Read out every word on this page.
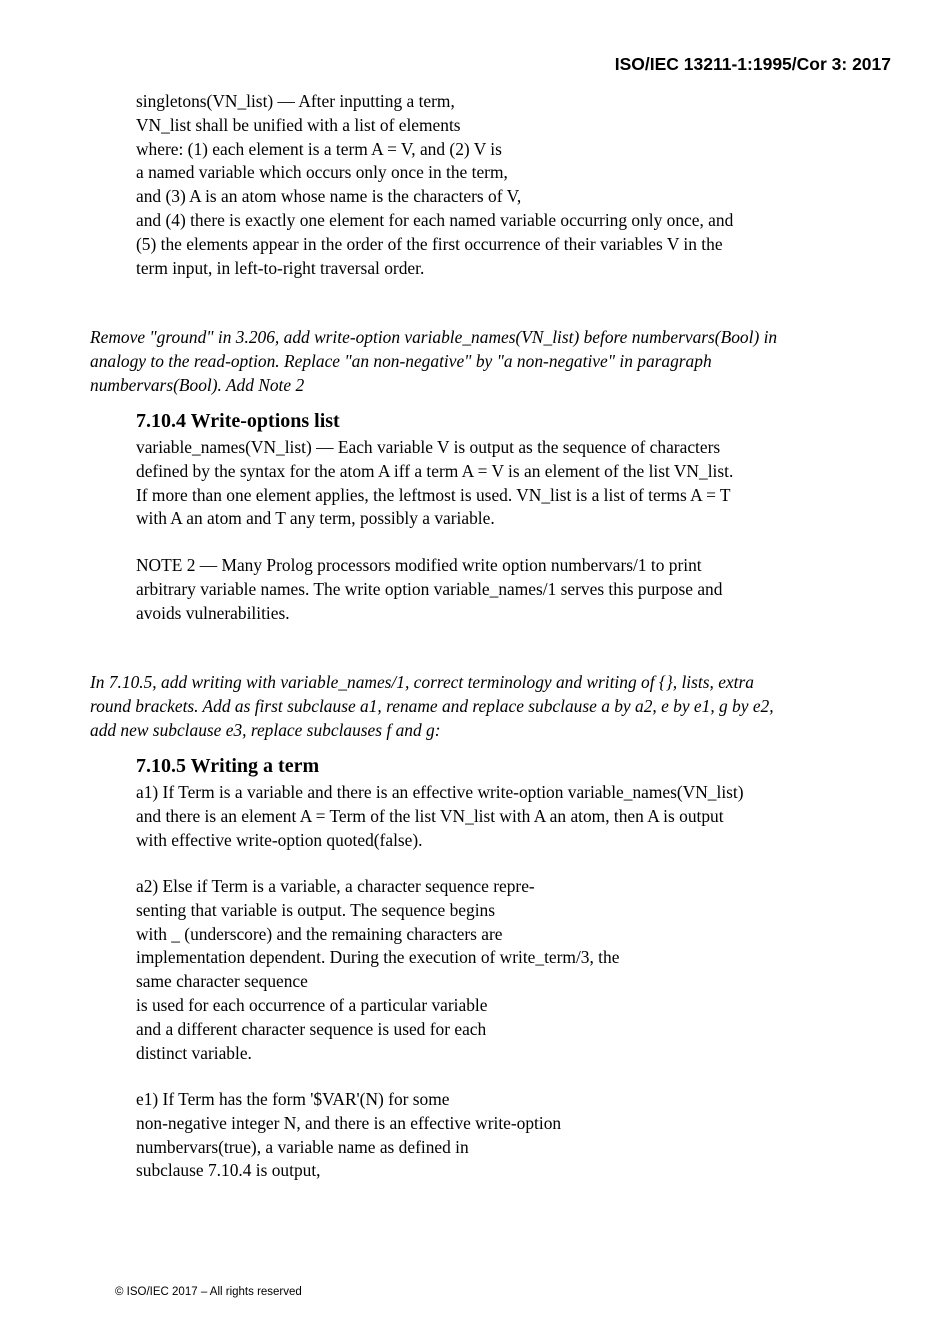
ISO/IEC 13211-1:1995/Cor 3: 2017
singletons(VN_list) — After inputting a term,
VN_list shall be unified with a list of elements
where: (1) each element is a term A = V, and (2) V is
a named variable which occurs only once in the term,
and (3) A is an atom whose name is the characters of V,
and (4) there is exactly one element for each named variable occurring only once, and
(5) the elements appear in the order of the first occurrence of their variables V in the
term input, in left-to-right traversal order.
Remove "ground" in 3.206, add write-option variable_names(VN_list) before numbervars(Bool) in
analogy to the read-option. Replace "an non-negative" by "a non-negative" in paragraph
numbervars(Bool). Add Note 2
7.10.4 Write-options list
variable_names(VN_list) — Each variable V is output as the sequence of characters
defined by the syntax for the atom A iff a term A = V is an element of the list VN_list.
If more than one element applies, the leftmost is used. VN_list is a list of terms A = T
with A an atom and T any term, possibly a variable.
NOTE 2 — Many Prolog processors modified write option numbervars/1 to print
arbitrary variable names. The write option variable_names/1 serves this purpose and
avoids vulnerabilities.
In 7.10.5, add writing with variable_names/1, correct terminology and writing of {}, lists, extra
round brackets. Add as first subclause a1, rename and replace subclause a by a2, e by e1, g by e2,
add new subclause e3, replace subclauses f and g:
7.10.5 Writing a term
a1) If Term is a variable and there is an effective write-option variable_names(VN_list)
and there is an element A = Term of the list VN_list with A an atom, then A is output
with effective write-option quoted(false).
a2) Else if Term is a variable, a character sequence repre-
senting that variable is output. The sequence begins
with _ (underscore) and the remaining characters are
implementation dependent. During the execution of write_term/3, the
same character sequence
is used for each occurrence of a particular variable
and a different character sequence is used for each
distinct variable.
e1) If Term has the form '$VAR'(N) for some
non-negative integer N, and there is an effective write-option
numbervars(true), a variable name as defined in
subclause 7.10.4 is output,
© ISO/IEC 2017 – All rights reserved
